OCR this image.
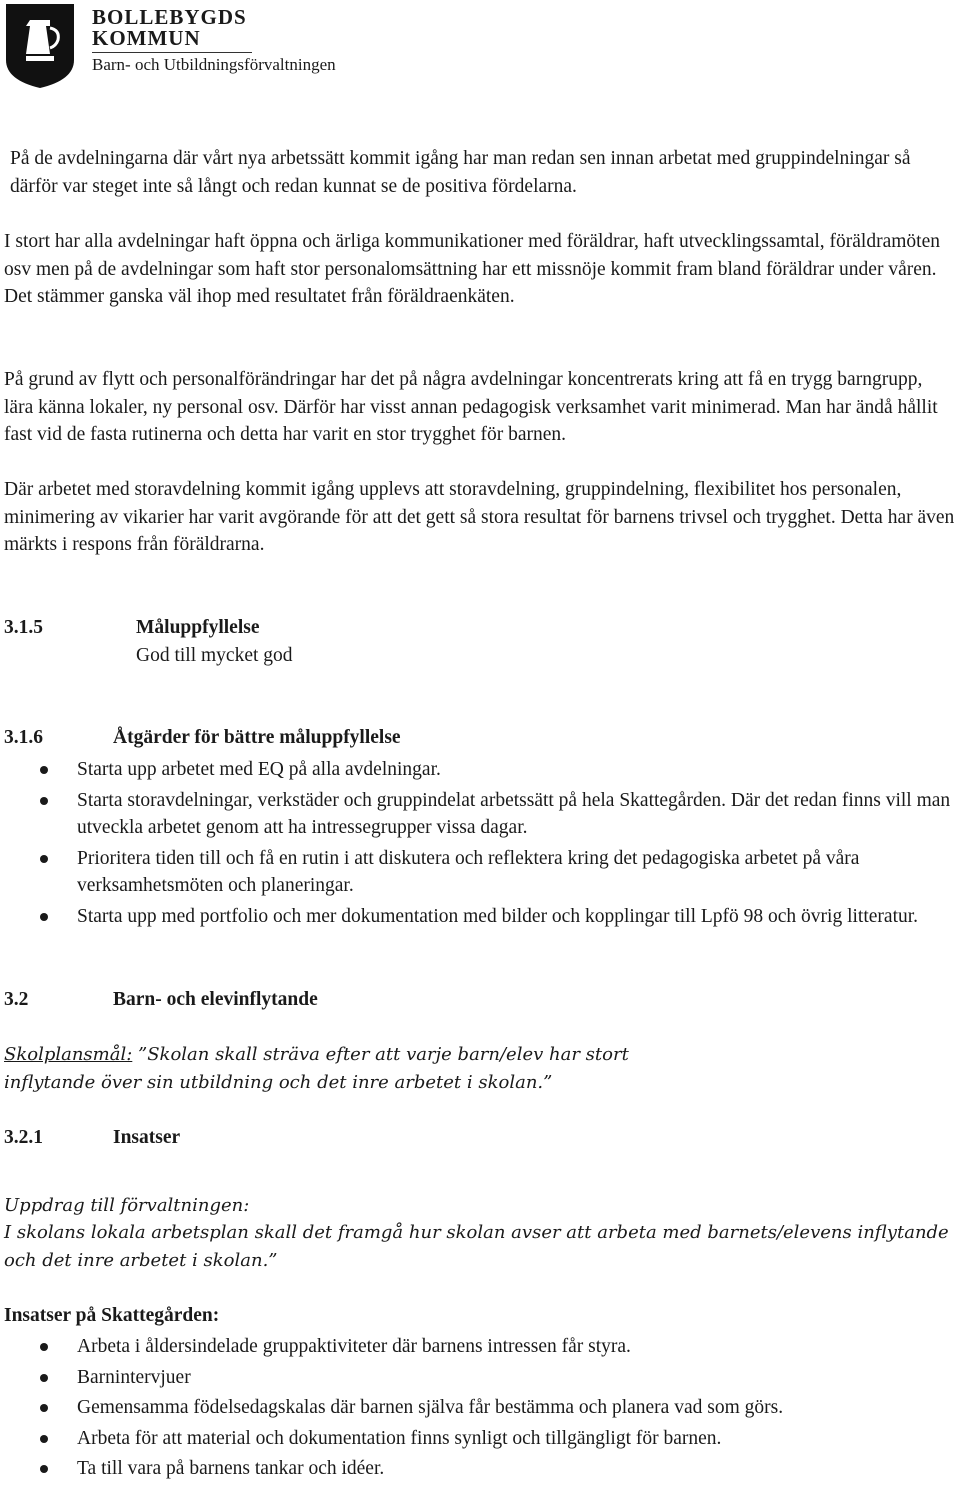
BOLLEBYGDS
KOMMUN
Barn- och Utbildningsförvaltningen

På de avdelningarna där vårt nya arbetssätt kommit igång har man redan sen innan arbetat med gruppindelningar så därför var steget inte så långt och redan kunnat se de positiva fördelarna.

I stort har alla avdelningar haft öppna och ärliga kommunikationer med föräldrar, haft utvecklingssamtal, föräldramöten osv men på de avdelningar som haft stor personalomsättning har ett missnöje kommit fram bland föräldrar under våren. Det stämmer ganska väl ihop med resultatet från föräldraenkäten.

På grund av flytt och personalförändringar har det på några avdelningar koncentrerats kring att få en trygg barngrupp, lära känna lokaler, ny personal osv. Därför har visst annan pedagogisk verksamhet varit minimerad. Man har ändå hållit fast vid de fasta rutinerna och detta har varit en stor trygghet för barnen.

Där arbetet med storavdelning kommit igång upplevs att storavdelning, gruppindelning, flexibilitet hos personalen, minimering av vikarier har varit avgörande för att det gett så stora resultat för barnens trivsel och trygghet. Detta har även märkts i respons från föräldrarna.

3.1.5	Måluppfyllelse
God till mycket god
3.1.6	Åtgärder för bättre måluppfyllelse
Starta upp arbetet med EQ på alla avdelningar.
Starta storavdelningar, verkstäder och gruppindelat arbetssätt på hela Skattegården. Där det redan finns vill man utveckla arbetet genom att ha intressegrupper vissa dagar.
Prioritera tiden till och få en rutin i att diskutera och reflektera kring det pedagogiska arbetet på våra verksamhetsmöten och planeringar.
Starta upp med portfolio och mer dokumentation med bilder och kopplingar till Lpfö 98 och övrig litteratur.
3.2	Barn- och elevinflytande
Skolplansmål: ”Skolan skall sträva efter att varje barn/elev har stort inflytande över sin utbildning och det inre arbetet i skolan.”
3.2.1	Insatser
Uppdrag till förvaltningen:
I skolans lokala arbetsplan skall det framgå hur skolan avser att arbeta med barnets/elevens inflytande och det inre arbetet i skolan.”
Insatser på Skattegården:
Arbeta i åldersindelade gruppaktiviteter där barnens intressen får styra.
Barnintervjuer
Gemensamma födelsedagskalas där barnen själva får bestämma och planera vad som görs.
Arbeta för att material och dokumentation finns synligt och tillgängligt för barnen.
Ta till vara på barnens tankar och idéer.
